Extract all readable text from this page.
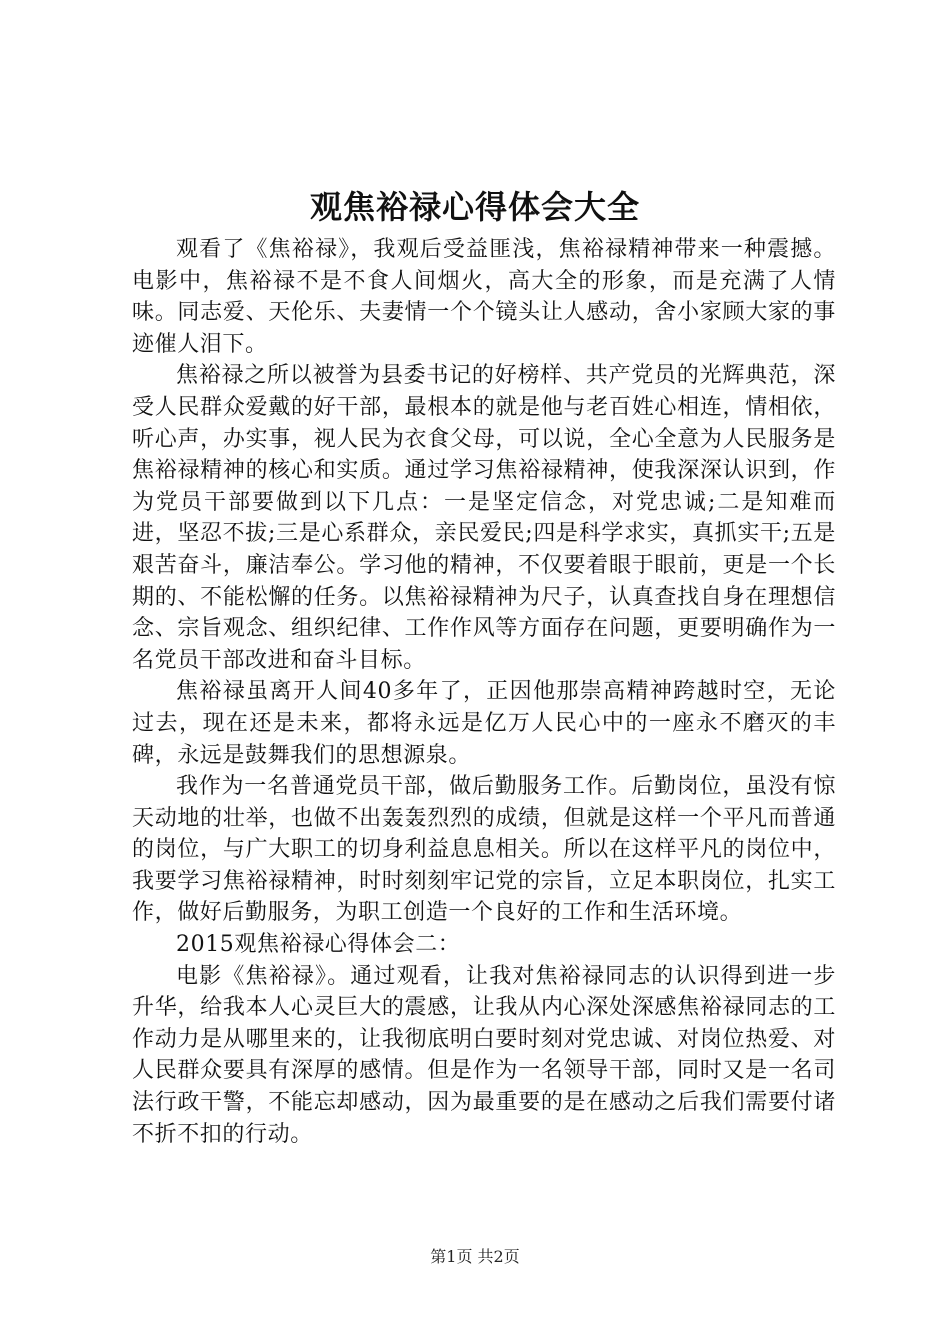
观焦裕禄心得体会大全

观看了《焦裕禄》，我观后受益匪浅，焦裕禄精神带来一种震撼。电影中，焦裕禄不是不食人间烟火，高大全的形象，而是充满了人情味。同志爱、天伦乐、夫妻情一个个镜头让人感动，舍小家顾大家的事迹催人泪下。

焦裕禄之所以被誉为县委书记的好榜样、共产党员的光辉典范，深受人民群众爱戴的好干部，最根本的就是他与老百姓心相连，情相依，听心声，办实事，视人民为衣食父母，可以说，全心全意为人民服务是焦裕禄精神的核心和实质。通过学习焦裕禄精神，使我深深认识到，作为党员干部要做到以下几点：一是坚定信念，对党忠诚;二是知难而进，坚忍不拔;三是心系群众，亲民爱民;四是科学求实，真抓实干;五是艰苦奋斗，廉洁奉公。学习他的精神，不仅要着眼于眼前，更是一个长期的、不能松懈的任务。以焦裕禄精神为尺子，认真查找自身在理想信念、宗旨观念、组织纪律、工作作风等方面存在问题，更要明确作为一名党员干部改进和奋斗目标。

焦裕禄虽离开人间40多年了，正因他那崇高精神跨越时空，无论过去，现在还是未来，都将永远是亿万人民心中的一座永不磨灭的丰碑，永远是鼓舞我们的思想源泉。

我作为一名普通党员干部，做后勤服务工作。后勤岗位，虽没有惊天动地的壮举，也做不出轰轰烈烈的成绩，但就是这样一个平凡而普通的岗位，与广大职工的切身利益息息相关。所以在这样平凡的岗位中，我要学习焦裕禄精神，时时刻刻牢记党的宗旨，立足本职岗位，扎实工作，做好后勤服务，为职工创造一个良好的工作和生活环境。

2015观焦裕禄心得体会二：

电影《焦裕禄》。通过观看，让我对焦裕禄同志的认识得到进一步升华，给我本人心灵巨大的震感，让我从内心深处深感焦裕禄同志的工作动力是从哪里来的，让我彻底明白要时刻对党忠诚、对岗位热爱、对人民群众要具有深厚的感情。但是作为一名领导干部，同时又是一名司法行政干警，不能忘却感动，因为最重要的是在感动之后我们需要付诸不折不扣的行动。

第1页 共2页
